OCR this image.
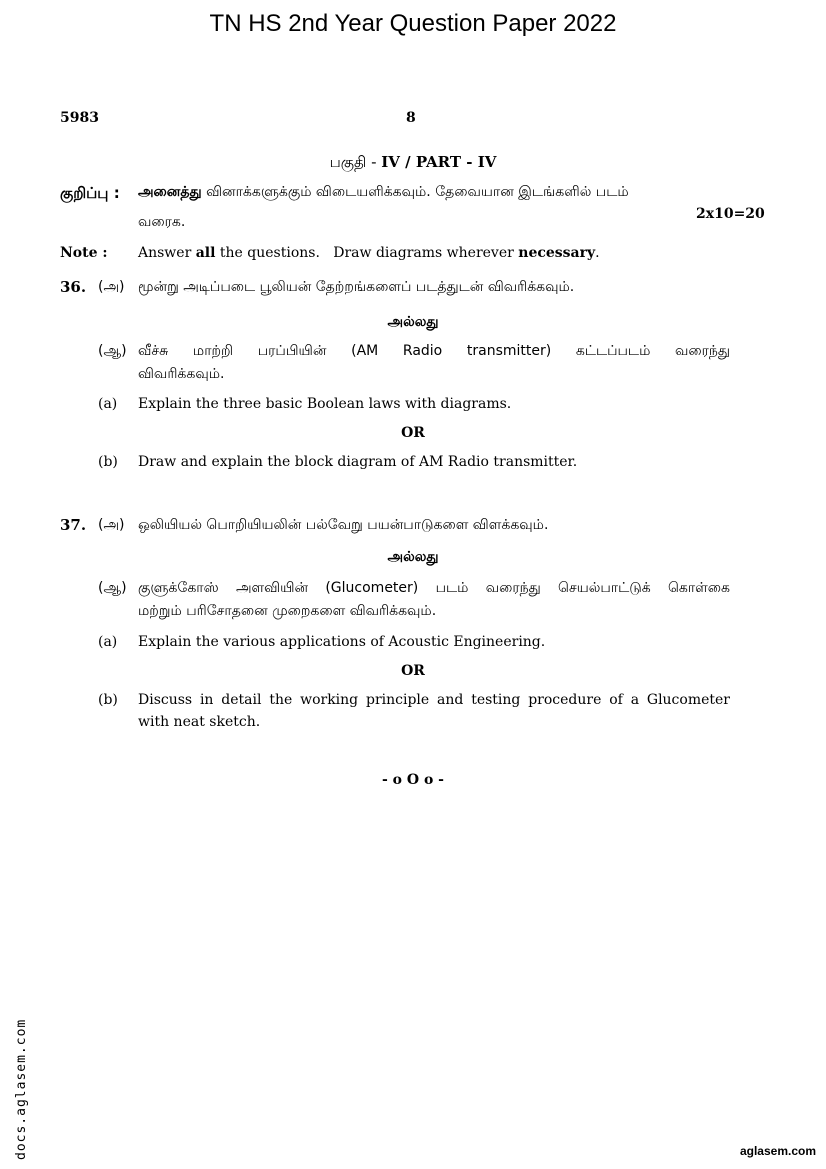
TN HS 2nd Year Question Paper 2022
5983	8
பகுதி - IV / PART - IV
குறிப்பு : அனைத்து வினாக்களுக்கும் விடையளிக்கவும். தேவையான இடங்களில் படம்
வரைக.	2x10=20
Note : Answer all the questions.   Draw diagrams wherever necessary.
36. (அ) மூன்று அடிப்படை பூலியன் தேற்றங்களைப் படத்துடன் விவரிக்கவும்.
அல்லது
(ஆ) வீச்சு மாற்றி பரப்பியின் (AM Radio transmitter) கட்டப்படம் வரைந்து
விவரிக்கவும்.
(a) Explain the three basic Boolean laws with diagrams.
OR
(b) Draw and explain the block diagram of AM Radio transmitter.
37. (அ) ஒலியியல் பொறியியலின் பல்வேறு பயன்பாடுகளை விளக்கவும்.
அல்லது
(ஆ) குளுக்கோஸ் அளவியின் (Glucometer) படம் வரைந்து செயல்பாட்டுக் கொள்கை
மற்றும் பரிசோதனை முறைகளை விவரிக்கவும்.
(a) Explain the various applications of Acoustic Engineering.
OR
(b) Discuss in detail the working principle and testing procedure of a Glucometer
with neat sketch.
- o O o -
docs.aglasem.com	aglasem.com
